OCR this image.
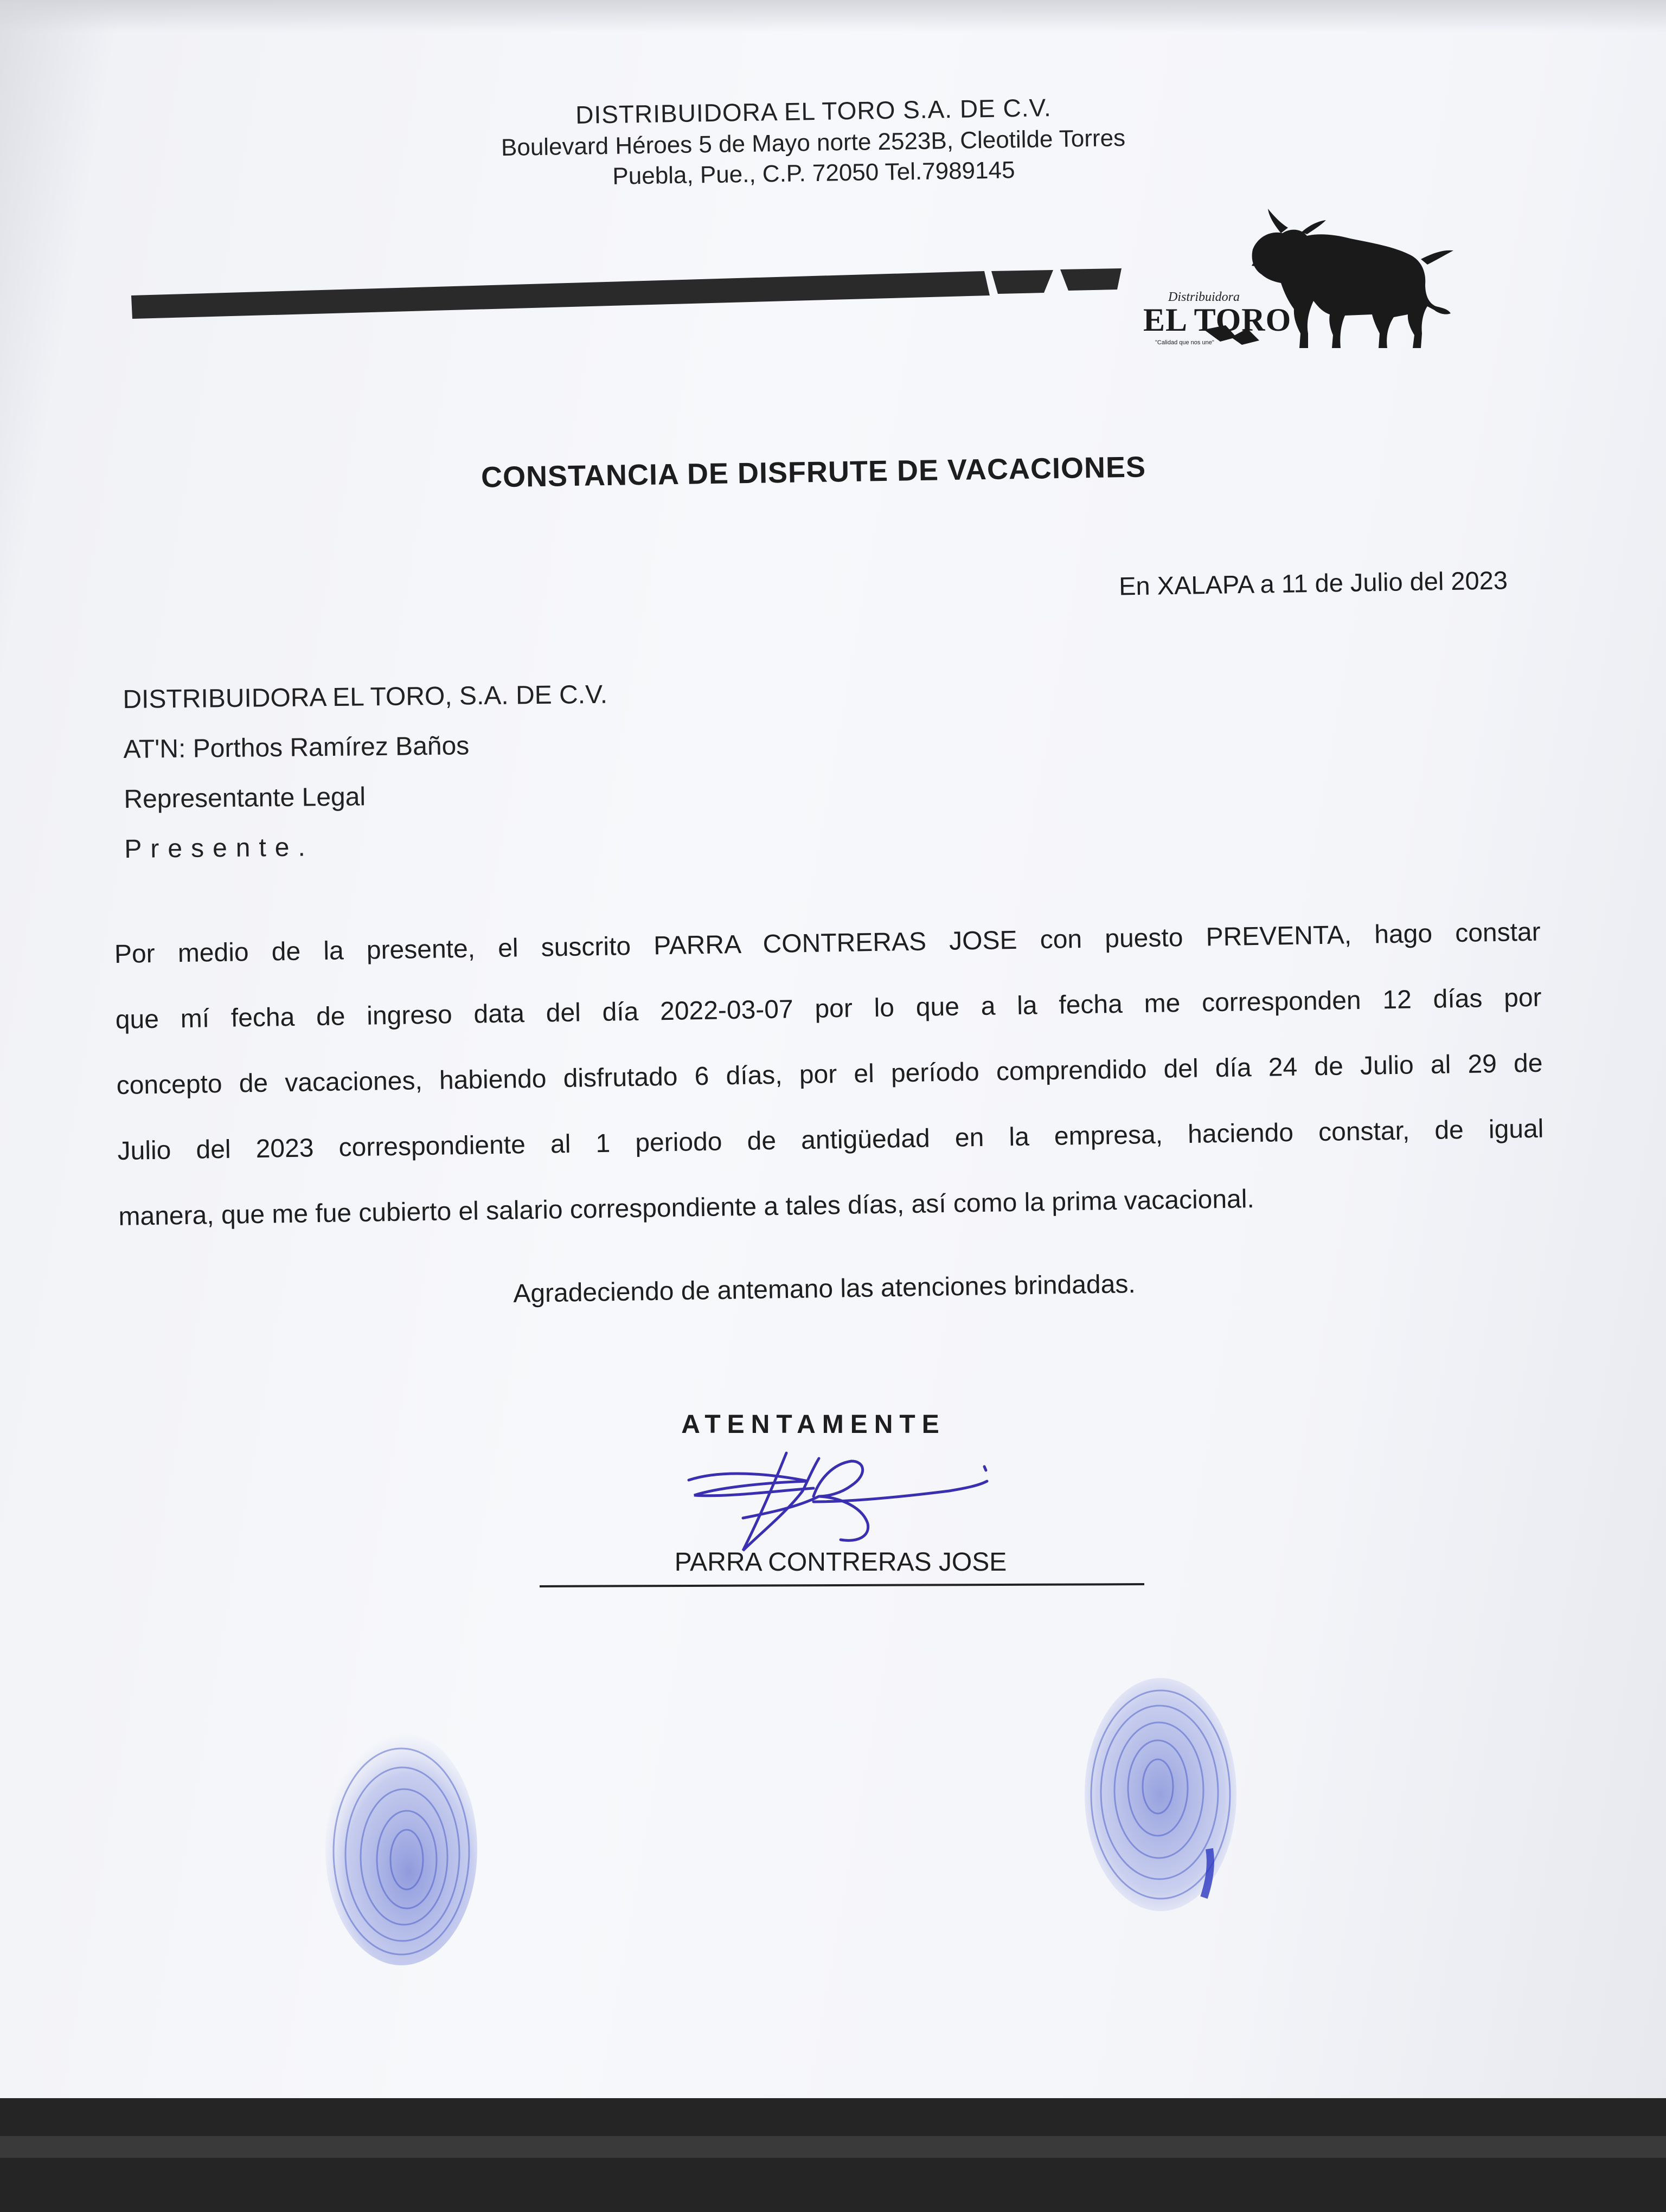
DISTRIBUIDORA EL TORO S.A. DE C.V.
Boulevard Héroes 5 de Mayo norte 2523B, Cleotilde Torres
Puebla, Pue., C.P. 72050 Tel.7989145
Distribuidora
EL TORO
"Calidad que nos une"
CONSTANCIA DE DISFRUTE DE VACACIONES
En XALAPA a 11 de Julio del 2023
DISTRIBUIDORA EL TORO, S.A. DE C.V.
AT'N: Porthos Ramírez Baños
Representante Legal
Presente.
Por medio de la presente, el suscrito PARRA CONTRERAS JOSE con puesto PREVENTA, hago constar
que mí fecha de ingreso data del día 2022-03-07 por lo que a la fecha me corresponden 12 días por
concepto de vacaciones, habiendo disfrutado 6 días, por el período comprendido del día 24 de Julio al 29 de
Julio del 2023 correspondiente al 1 periodo de antigüedad en la empresa, haciendo constar, de igual
manera, que me fue cubierto el salario correspondiente a tales días, así como la prima vacacional.
Agradeciendo de antemano las atenciones brindadas.
ATENTAMENTE
PARRA CONTRERAS JOSE
